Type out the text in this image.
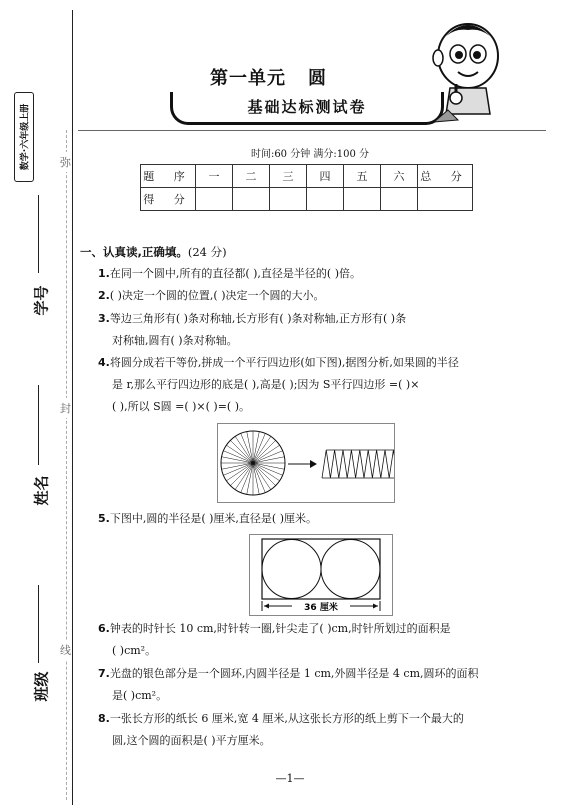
数学·六年级上册	弥
封
线
学号
姓名
班级
第一单元 圆
基础达标测试卷
时间:60 分钟 满分:100 分
题 序	一	二	三	四	五	六	总 分
得 分							
一、认真读,正确填。(24 分)

1.在同一个圆中,所有的直径都( ),直径是半径的( )倍。

2.( )决定一个圆的位置,( )决定一个圆的大小。

3.等边三角形有( )条对称轴,长方形有( )条对称轴,正方形有( )条

对称轴,圆有( )条对称轴。

4.将圆分成若干等份,拼成一个平行四边形(如下图),据图分析,如果圆的半径

是 r,那么平行四边形的底是( ),高是( );因为 S平行四边形 =( )×

( ),所以 S圆 =( )×( )=( )。

5.下图中,圆的半径是( )厘米,直径是( )厘米。

36 厘米

6.钟表的时针长 10 cm,时针转一圈,针尖走了( )cm,时针所划过的面积是

( )cm²。

7.光盘的银色部分是一个圆环,内圆半径是 1 cm,外圆半径是 4 cm,圆环的面积

是( )cm²。

8.一张长方形的纸长 6 厘米,宽 4 厘米,从这张长方形的纸上剪下一个最大的

圆,这个圆的面积是( )平方厘米。

—1—
